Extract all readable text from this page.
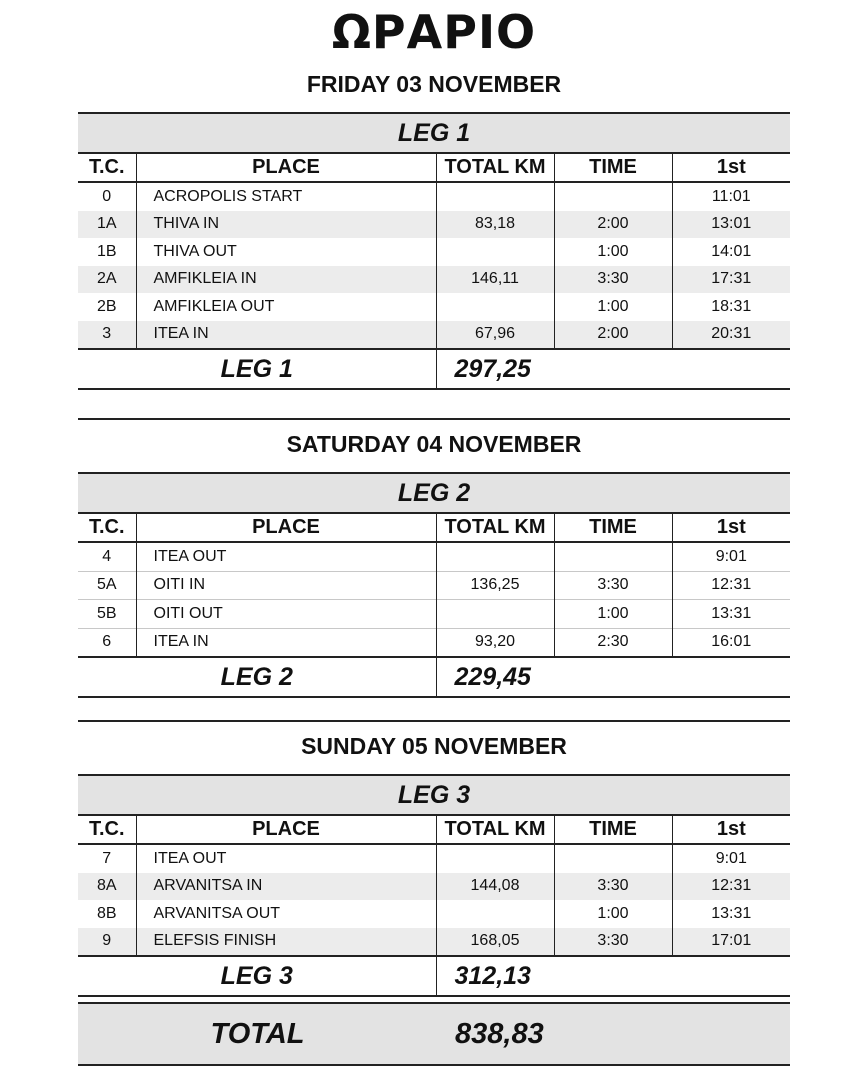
ΩΡΑΡΙΟ
FRIDAY 03 NOVEMBER
LEG 1				
T.C.	PLACE	TOTAL KM	TIME	1st
0	ACROPOLIS START			11:01
1A	THIVA IN	83,18	2:00	13:01
1B	THIVA OUT		1:00	14:01
2A	AMFIKLEIA IN	146,11	3:30	17:31
2B	AMFIKLEIA OUT		1:00	18:31
3	ITEA IN	67,96	2:00	20:31
LEG 1		297,25		
SATURDAY 04 NOVEMBER
LEG 2				
T.C.	PLACE	TOTAL KM	TIME	1st
4	ITEA OUT			9:01
5A	OITI IN	136,25	3:30	12:31
5B	OITI OUT		1:00	13:31
6	ITEA IN	93,20	2:30	16:01
LEG 2		229,45		
SUNDAY 05 NOVEMBER
LEG 3				
T.C.	PLACE	TOTAL KM	TIME	1st
7	ITEA OUT			9:01
8A	ARVANITSA IN	144,08	3:30	12:31
8B	ARVANITSA OUT		1:00	13:31
9	ELEFSIS FINISH	168,05	3:30	17:01
LEG 3		312,13		
TOTAL	838,83
